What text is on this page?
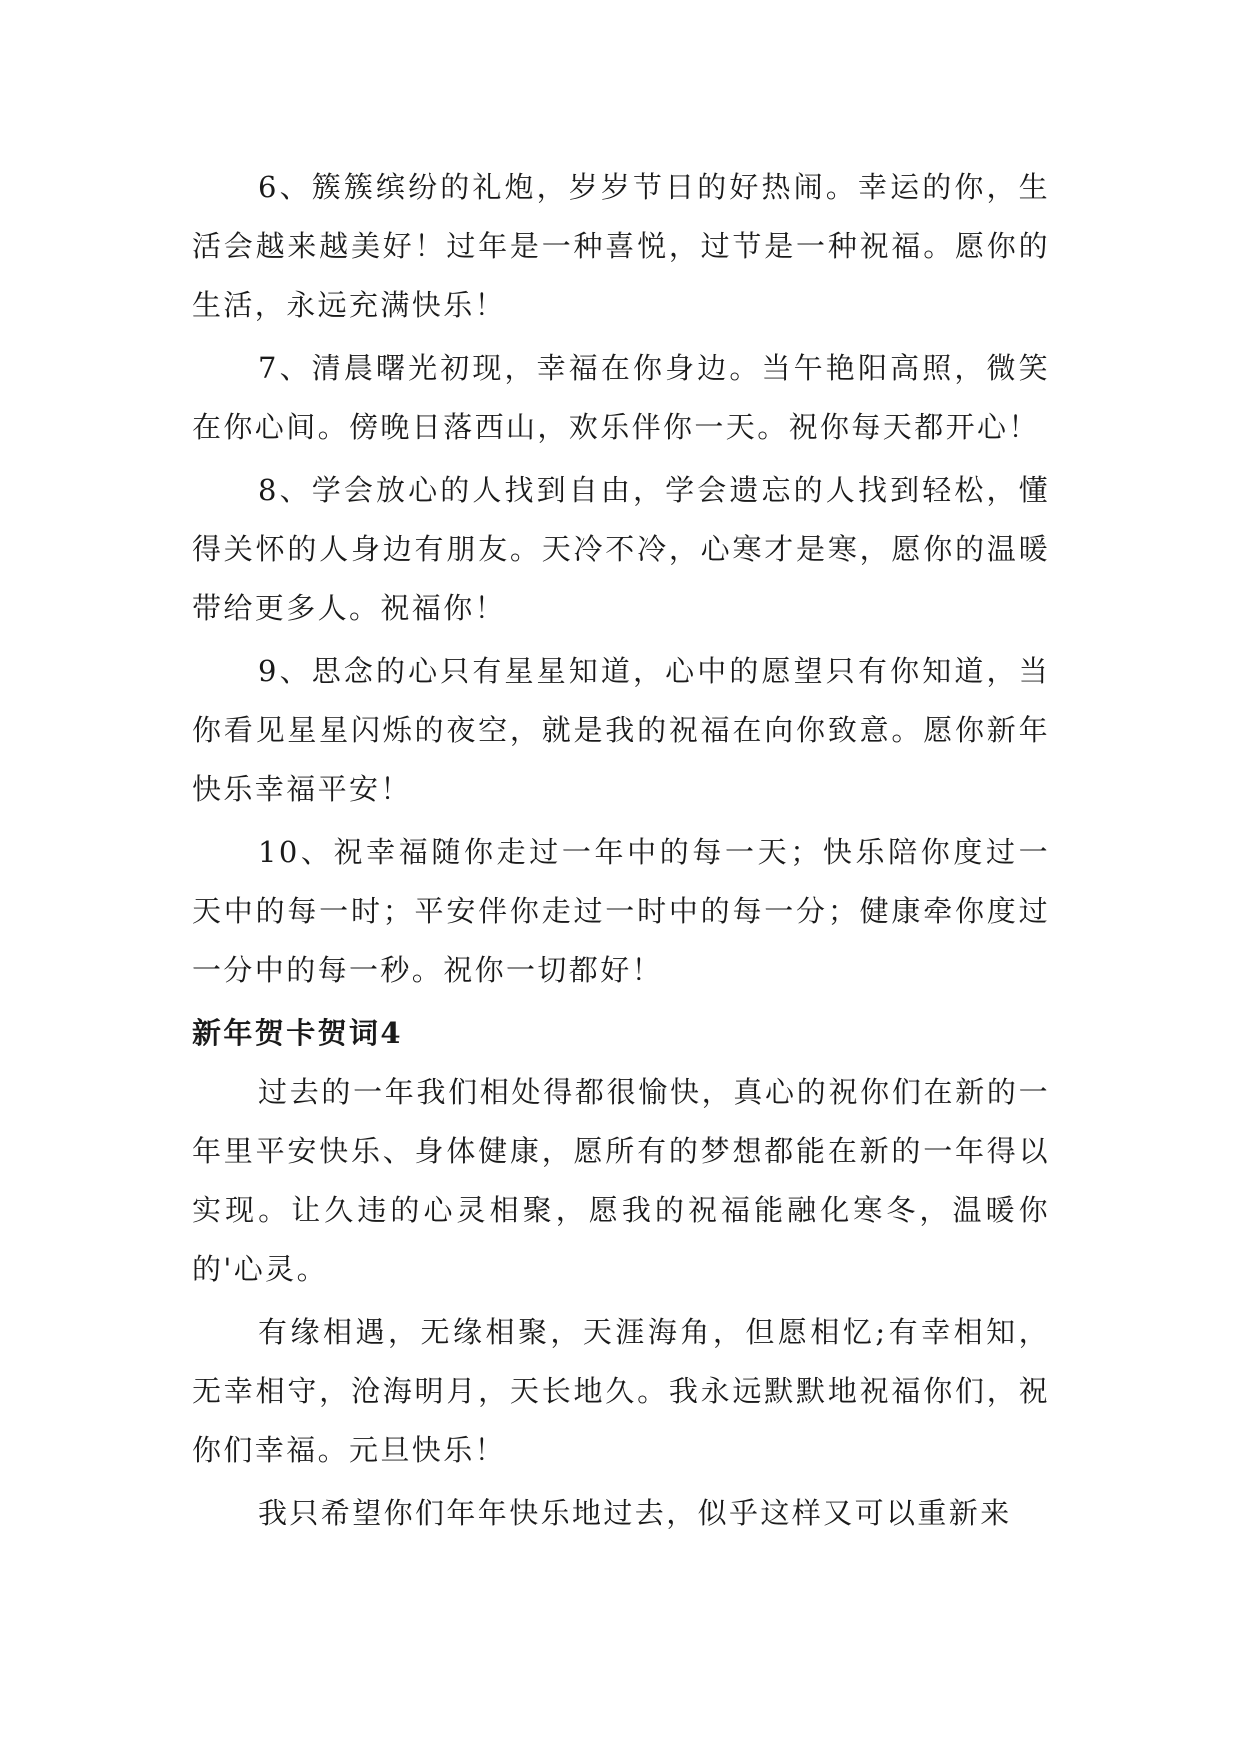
6、簇簇缤纷的礼炮，岁岁节日的好热闹。幸运的你，生活会越来越美好！过年是一种喜悦，过节是一种祝福。愿你的生活，永远充满快乐！

7、清晨曙光初现，幸福在你身边。当午艳阳高照，微笑在你心间。傍晚日落西山，欢乐伴你一天。祝你每天都开心！

8、学会放心的人找到自由，学会遗忘的人找到轻松，懂得关怀的人身边有朋友。天冷不冷，心寒才是寒，愿你的温暖带给更多人。祝福你！

9、思念的心只有星星知道，心中的愿望只有你知道，当你看见星星闪烁的夜空，就是我的祝福在向你致意。愿你新年快乐幸福平安！

10、祝幸福随你走过一年中的每一天；快乐陪你度过一天中的每一时；平安伴你走过一时中的每一分；健康牵你度过一分中的每一秒。祝你一切都好！

新年贺卡贺词4

过去的一年我们相处得都很愉快，真心的祝你们在新的一年里平安快乐、身体健康，愿所有的梦想都能在新的一年得以实现。让久违的心灵相聚，愿我的祝福能融化寒冬，温暖你的'心灵。

有缘相遇，无缘相聚，天涯海角，但愿相忆;有幸相知，无幸相守，沧海明月，天长地久。我永远默默地祝福你们，祝你们幸福。元旦快乐！

我只希望你们年年快乐地过去，似乎这样又可以重新来
